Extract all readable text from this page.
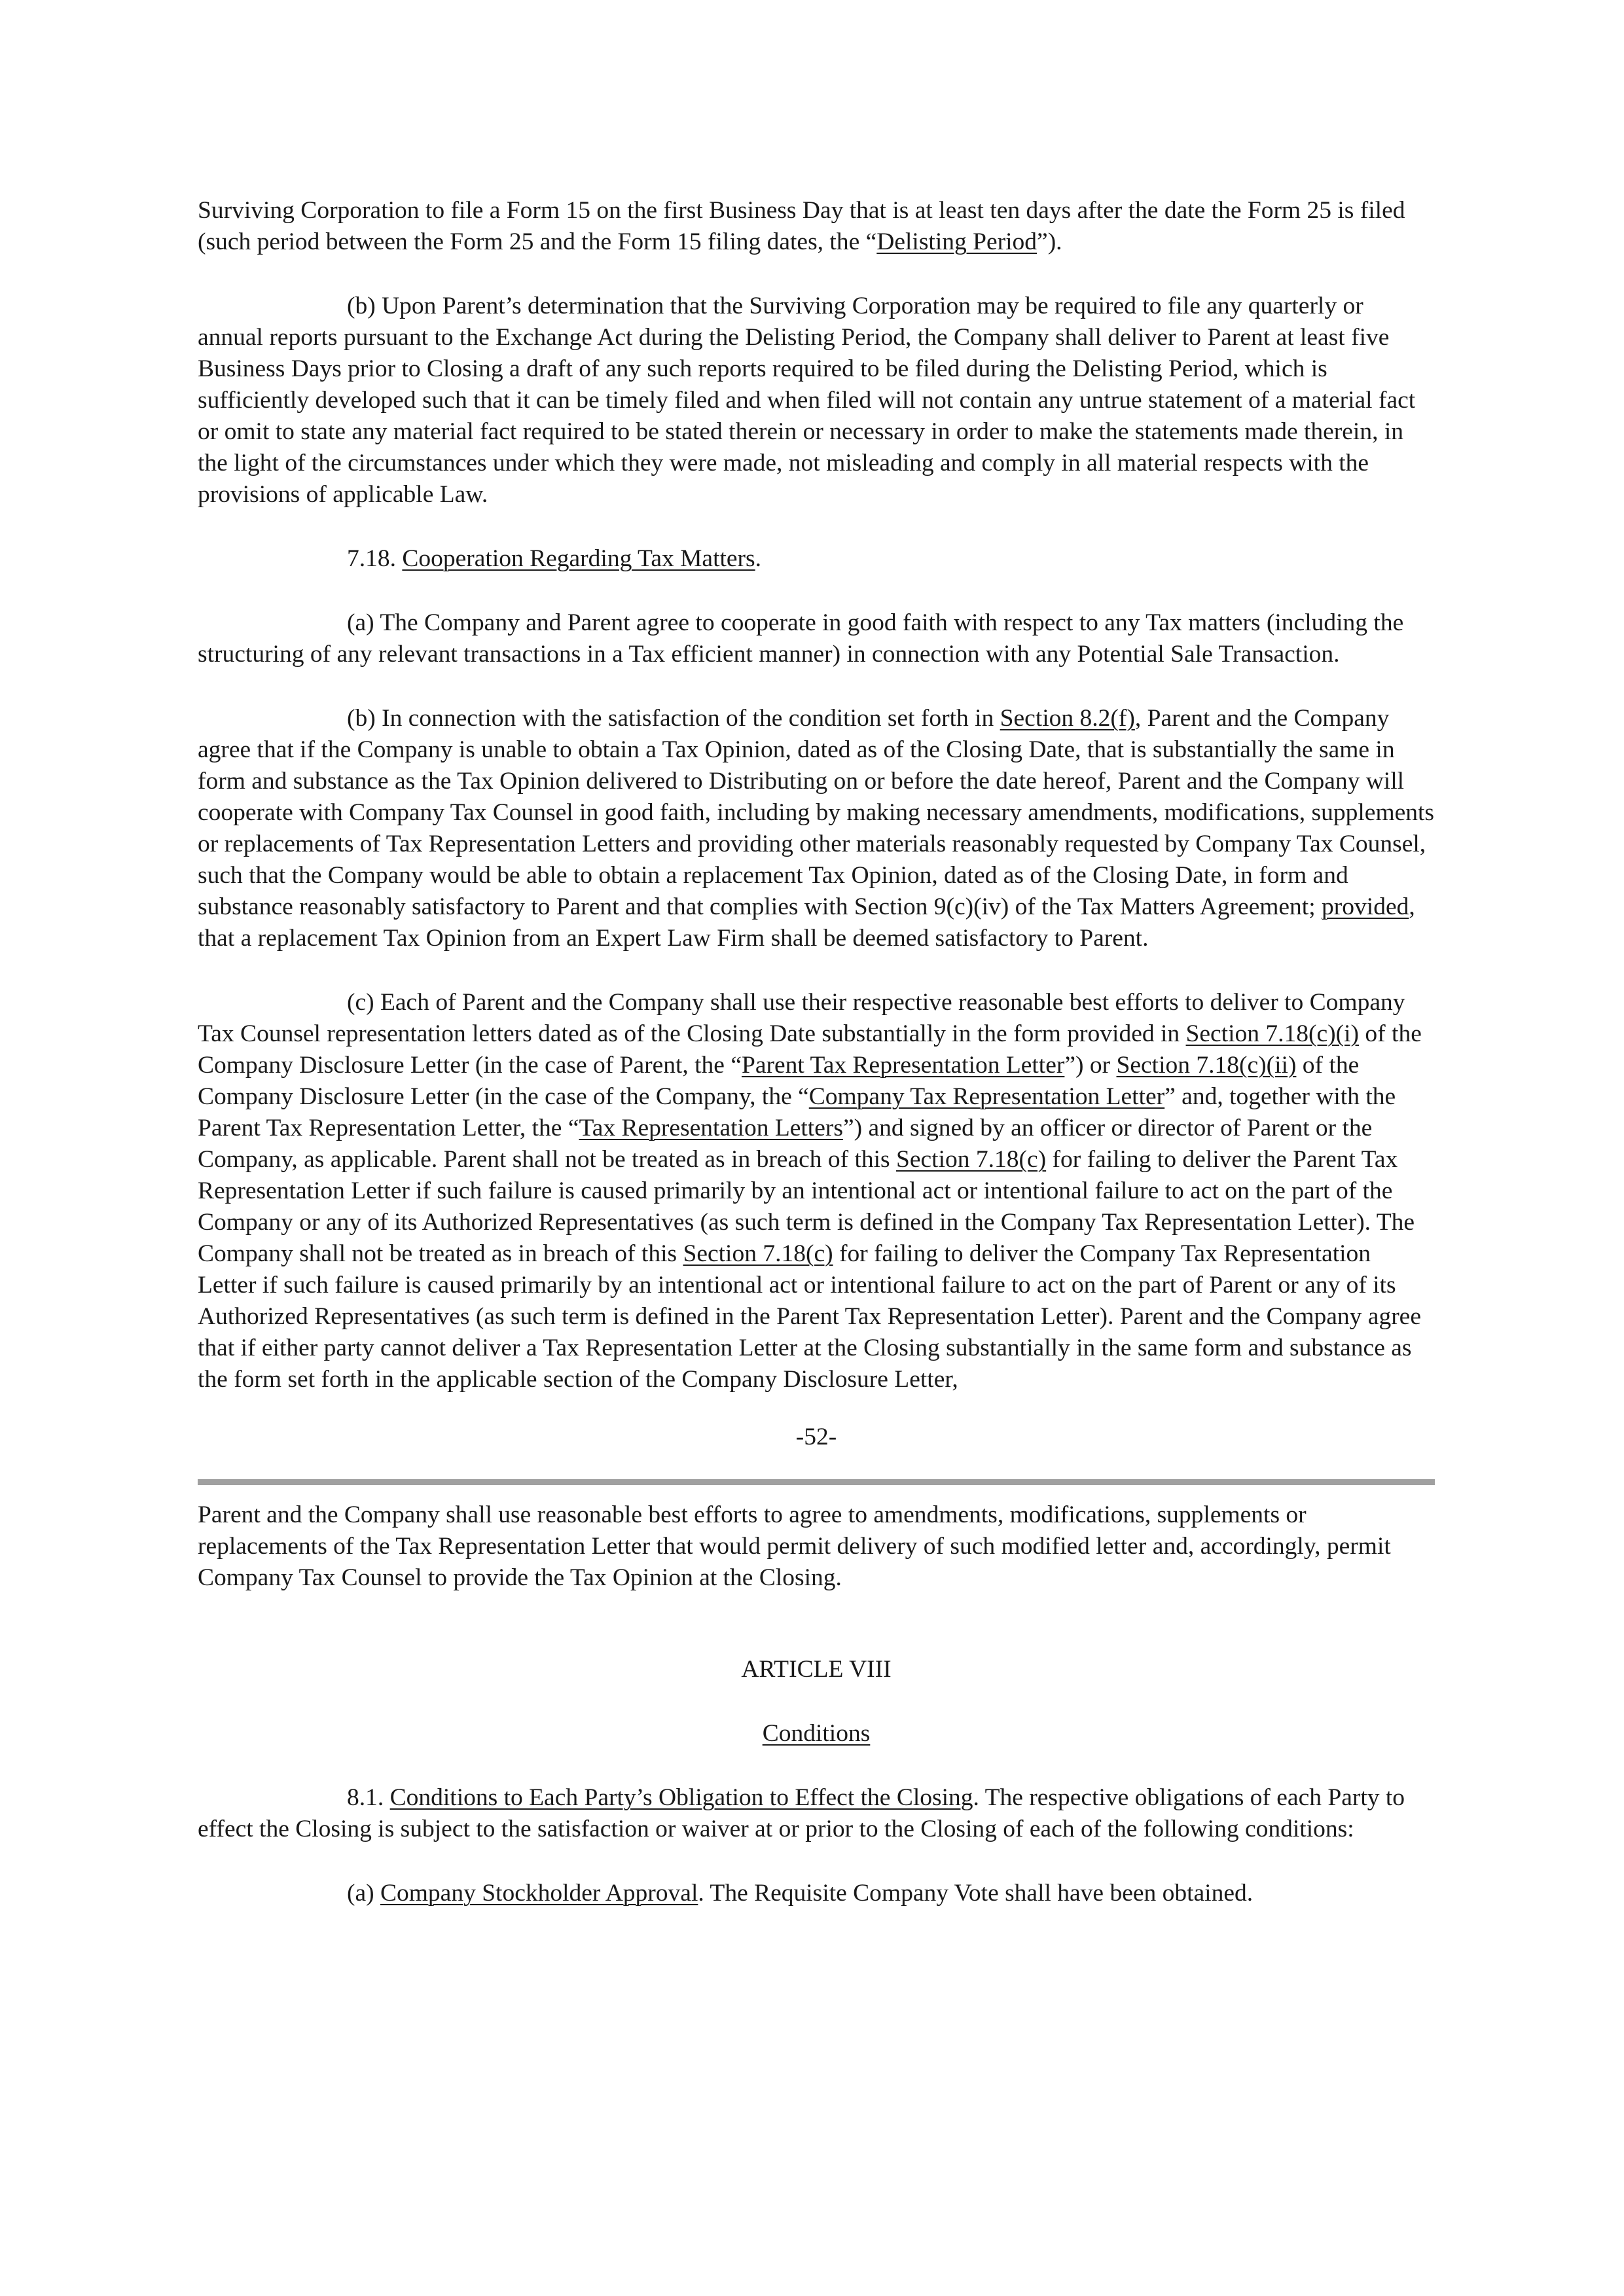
Surviving Corporation to file a Form 15 on the first Business Day that is at least ten days after the date the Form 25 is filed (such period between the Form 25 and the Form 15 filing dates, the “Delisting Period”).

(b) Upon Parent’s determination that the Surviving Corporation may be required to file any quarterly or annual reports pursuant to the Exchange Act during the Delisting Period, the Company shall deliver to Parent at least five Business Days prior to Closing a draft of any such reports required to be filed during the Delisting Period, which is sufficiently developed such that it can be timely filed and when filed will not contain any untrue statement of a material fact or omit to state any material fact required to be stated therein or necessary in order to make the statements made therein, in the light of the circumstances under which they were made, not misleading and comply in all material respects with the provisions of applicable Law.

7.18. Cooperation Regarding Tax Matters.

(a) The Company and Parent agree to cooperate in good faith with respect to any Tax matters (including the structuring of any relevant transactions in a Tax efficient manner) in connection with any Potential Sale Transaction.

(b) In connection with the satisfaction of the condition set forth in Section 8.2(f), Parent and the Company agree that if the Company is unable to obtain a Tax Opinion, dated as of the Closing Date, that is substantially the same in form and substance as the Tax Opinion delivered to Distributing on or before the date hereof, Parent and the Company will cooperate with Company Tax Counsel in good faith, including by making necessary amendments, modifications, supplements or replacements of Tax Representation Letters and providing other materials reasonably requested by Company Tax Counsel, such that the Company would be able to obtain a replacement Tax Opinion, dated as of the Closing Date, in form and substance reasonably satisfactory to Parent and that complies with Section 9(c)(iv) of the Tax Matters Agreement; provided, that a replacement Tax Opinion from an Expert Law Firm shall be deemed satisfactory to Parent.

(c) Each of Parent and the Company shall use their respective reasonable best efforts to deliver to Company Tax Counsel representation letters dated as of the Closing Date substantially in the form provided in Section 7.18(c)(i) of the Company Disclosure Letter (in the case of Parent, the “Parent Tax Representation Letter”) or Section 7.18(c)(ii) of the Company Disclosure Letter (in the case of the Company, the “Company Tax Representation Letter” and, together with the Parent Tax Representation Letter, the “Tax Representation Letters”) and signed by an officer or director of Parent or the Company, as applicable. Parent shall not be treated as in breach of this Section 7.18(c) for failing to deliver the Parent Tax Representation Letter if such failure is caused primarily by an intentional act or intentional failure to act on the part of the Company or any of its Authorized Representatives (as such term is defined in the Company Tax Representation Letter). The Company shall not be treated as in breach of this Section 7.18(c) for failing to deliver the Company Tax Representation Letter if such failure is caused primarily by an intentional act or intentional failure to act on the part of Parent or any of its Authorized Representatives (as such term is defined in the Parent Tax Representation Letter). Parent and the Company agree that if either party cannot deliver a Tax Representation Letter at the Closing substantially in the same form and substance as the form set forth in the applicable section of the Company Disclosure Letter,

-52-

Parent and the Company shall use reasonable best efforts to agree to amendments, modifications, supplements or replacements of the Tax Representation Letter that would permit delivery of such modified letter and, accordingly, permit Company Tax Counsel to provide the Tax Opinion at the Closing.

ARTICLE VIII

Conditions

8.1. Conditions to Each Party’s Obligation to Effect the Closing. The respective obligations of each Party to effect the Closing is subject to the satisfaction or waiver at or prior to the Closing of each of the following conditions:

(a) Company Stockholder Approval. The Requisite Company Vote shall have been obtained.
